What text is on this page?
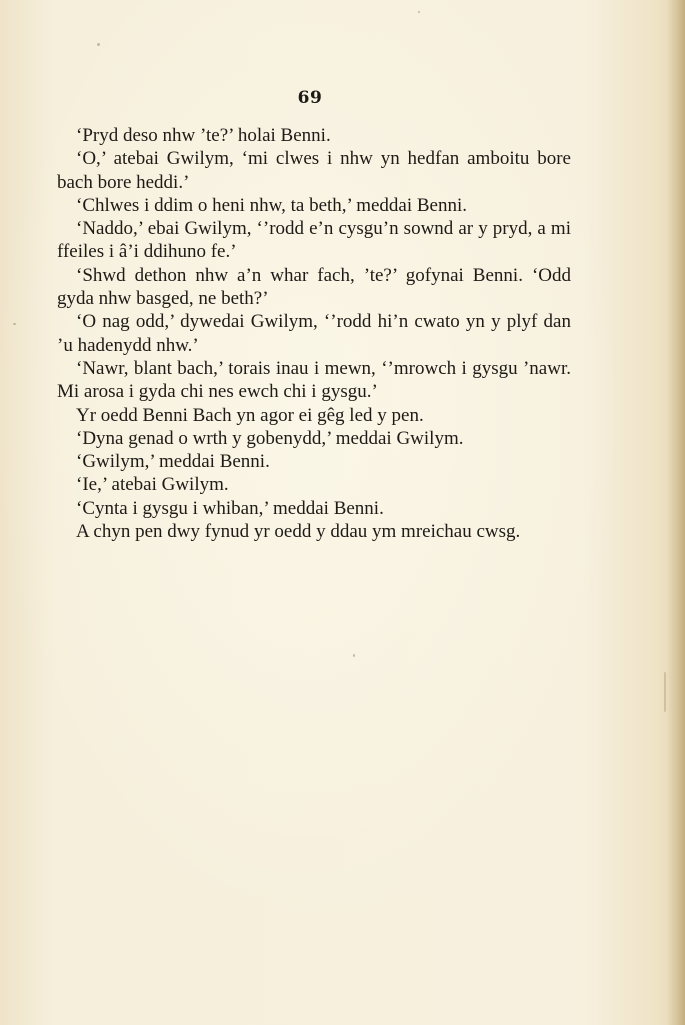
69

‘Pryd deso nhw ’te?’ holai Benni.

‘O,’ atebai Gwilym, ‘mi clwes i nhw yn hedfan amboitu bore bach bore heddi.’

‘Chlwes i ddim o heni nhw, ta beth,’ meddai Benni.

‘Naddo,’ ebai Gwilym, ‘’rodd e’n cysgu’n sownd ar y pryd, a mi ffeiles i â’i ddihuno fe.’

‘Shwd dethon nhw a’n whar fach, ’te?’ gofynai Benni. ‘Odd gyda nhw basged, ne beth?’

‘O nag odd,’ dywedai Gwilym, ‘’rodd hi’n cwato yn y plyf dan ’u hadenydd nhw.’

‘Nawr, blant bach,’ torais inau i mewn, ‘’mrowch i gysgu ’nawr. Mi arosa i gyda chi nes ewch chi i gysgu.’

Yr oedd Benni Bach yn agor ei gêg led y pen.

‘Dyna genad o wrth y gobenydd,’ meddai Gwilym.

‘Gwilym,’ meddai Benni.

‘Ie,’ atebai Gwilym.

‘Cynta i gysgu i whiban,’ meddai Benni.

A chyn pen dwy fynud yr oedd y ddau ym mreichau cwsg.
